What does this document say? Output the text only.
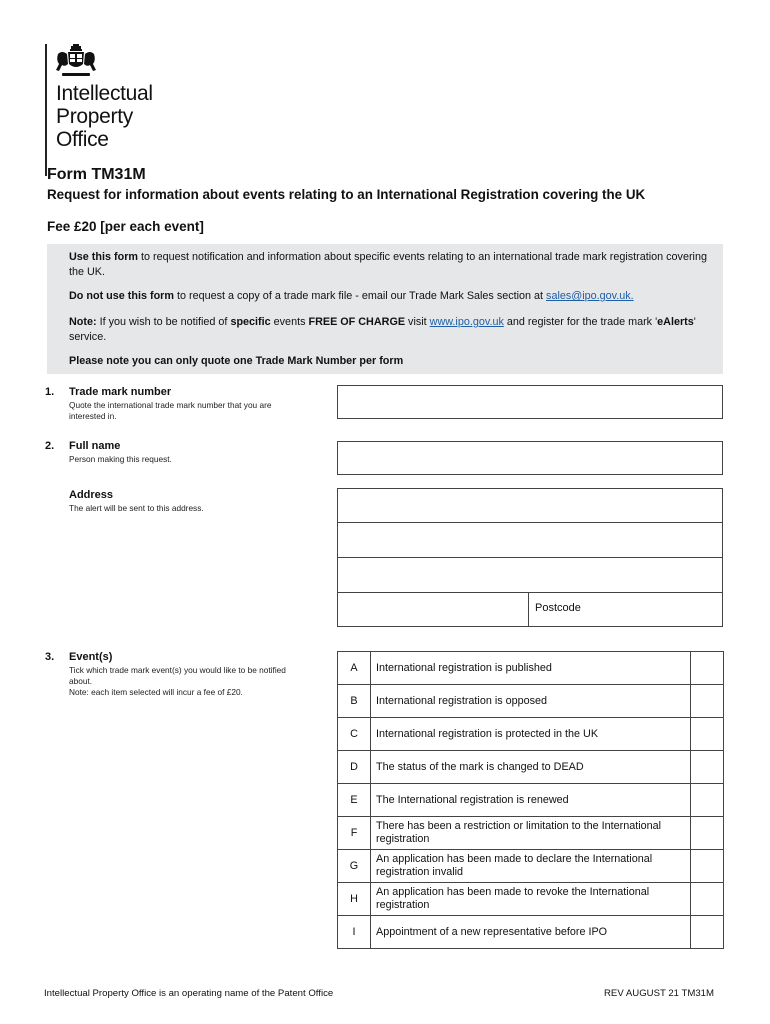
Intellectual
Property
Office
Form TM31M
Request for information about events relating to an International Registration covering the UK
Fee £20 [per each event]
Use this form to request notification and information about specific events relating to an international trade mark registration covering the UK.
Do not use this form to request a copy of a trade mark file - email our Trade Mark Sales section at sales@ipo.gov.uk.
Note: If you wish to be notified of specific events FREE OF CHARGE visit www.ipo.gov.uk and register for the trade mark 'eAlerts' service.
Please note you can only quote one Trade Mark Number per form
1. Trade mark number
Quote the international trade mark number that you are interested in.
2. Full name
Person making this request.
Address
The alert will be sent to this address.
Postcode
3. Event(s)
Tick which trade mark event(s) you would like to be notified about.
Note: each item selected will incur a fee of £20.
A	International registration is published	

B	International registration is opposed	

C	International registration is protected in the UK	

D	The status of the mark is changed to DEAD	

E	The International registration is renewed	

F	There has been a restriction or limitation to the International registration	

G	An application has been made to declare the International registration invalid	

H	An application has been made to revoke the International registration	

I	Appointment of a new representative before IPO	
Intellectual Property Office is an operating name of the Patent Office	REV AUGUST 21 TM31M
